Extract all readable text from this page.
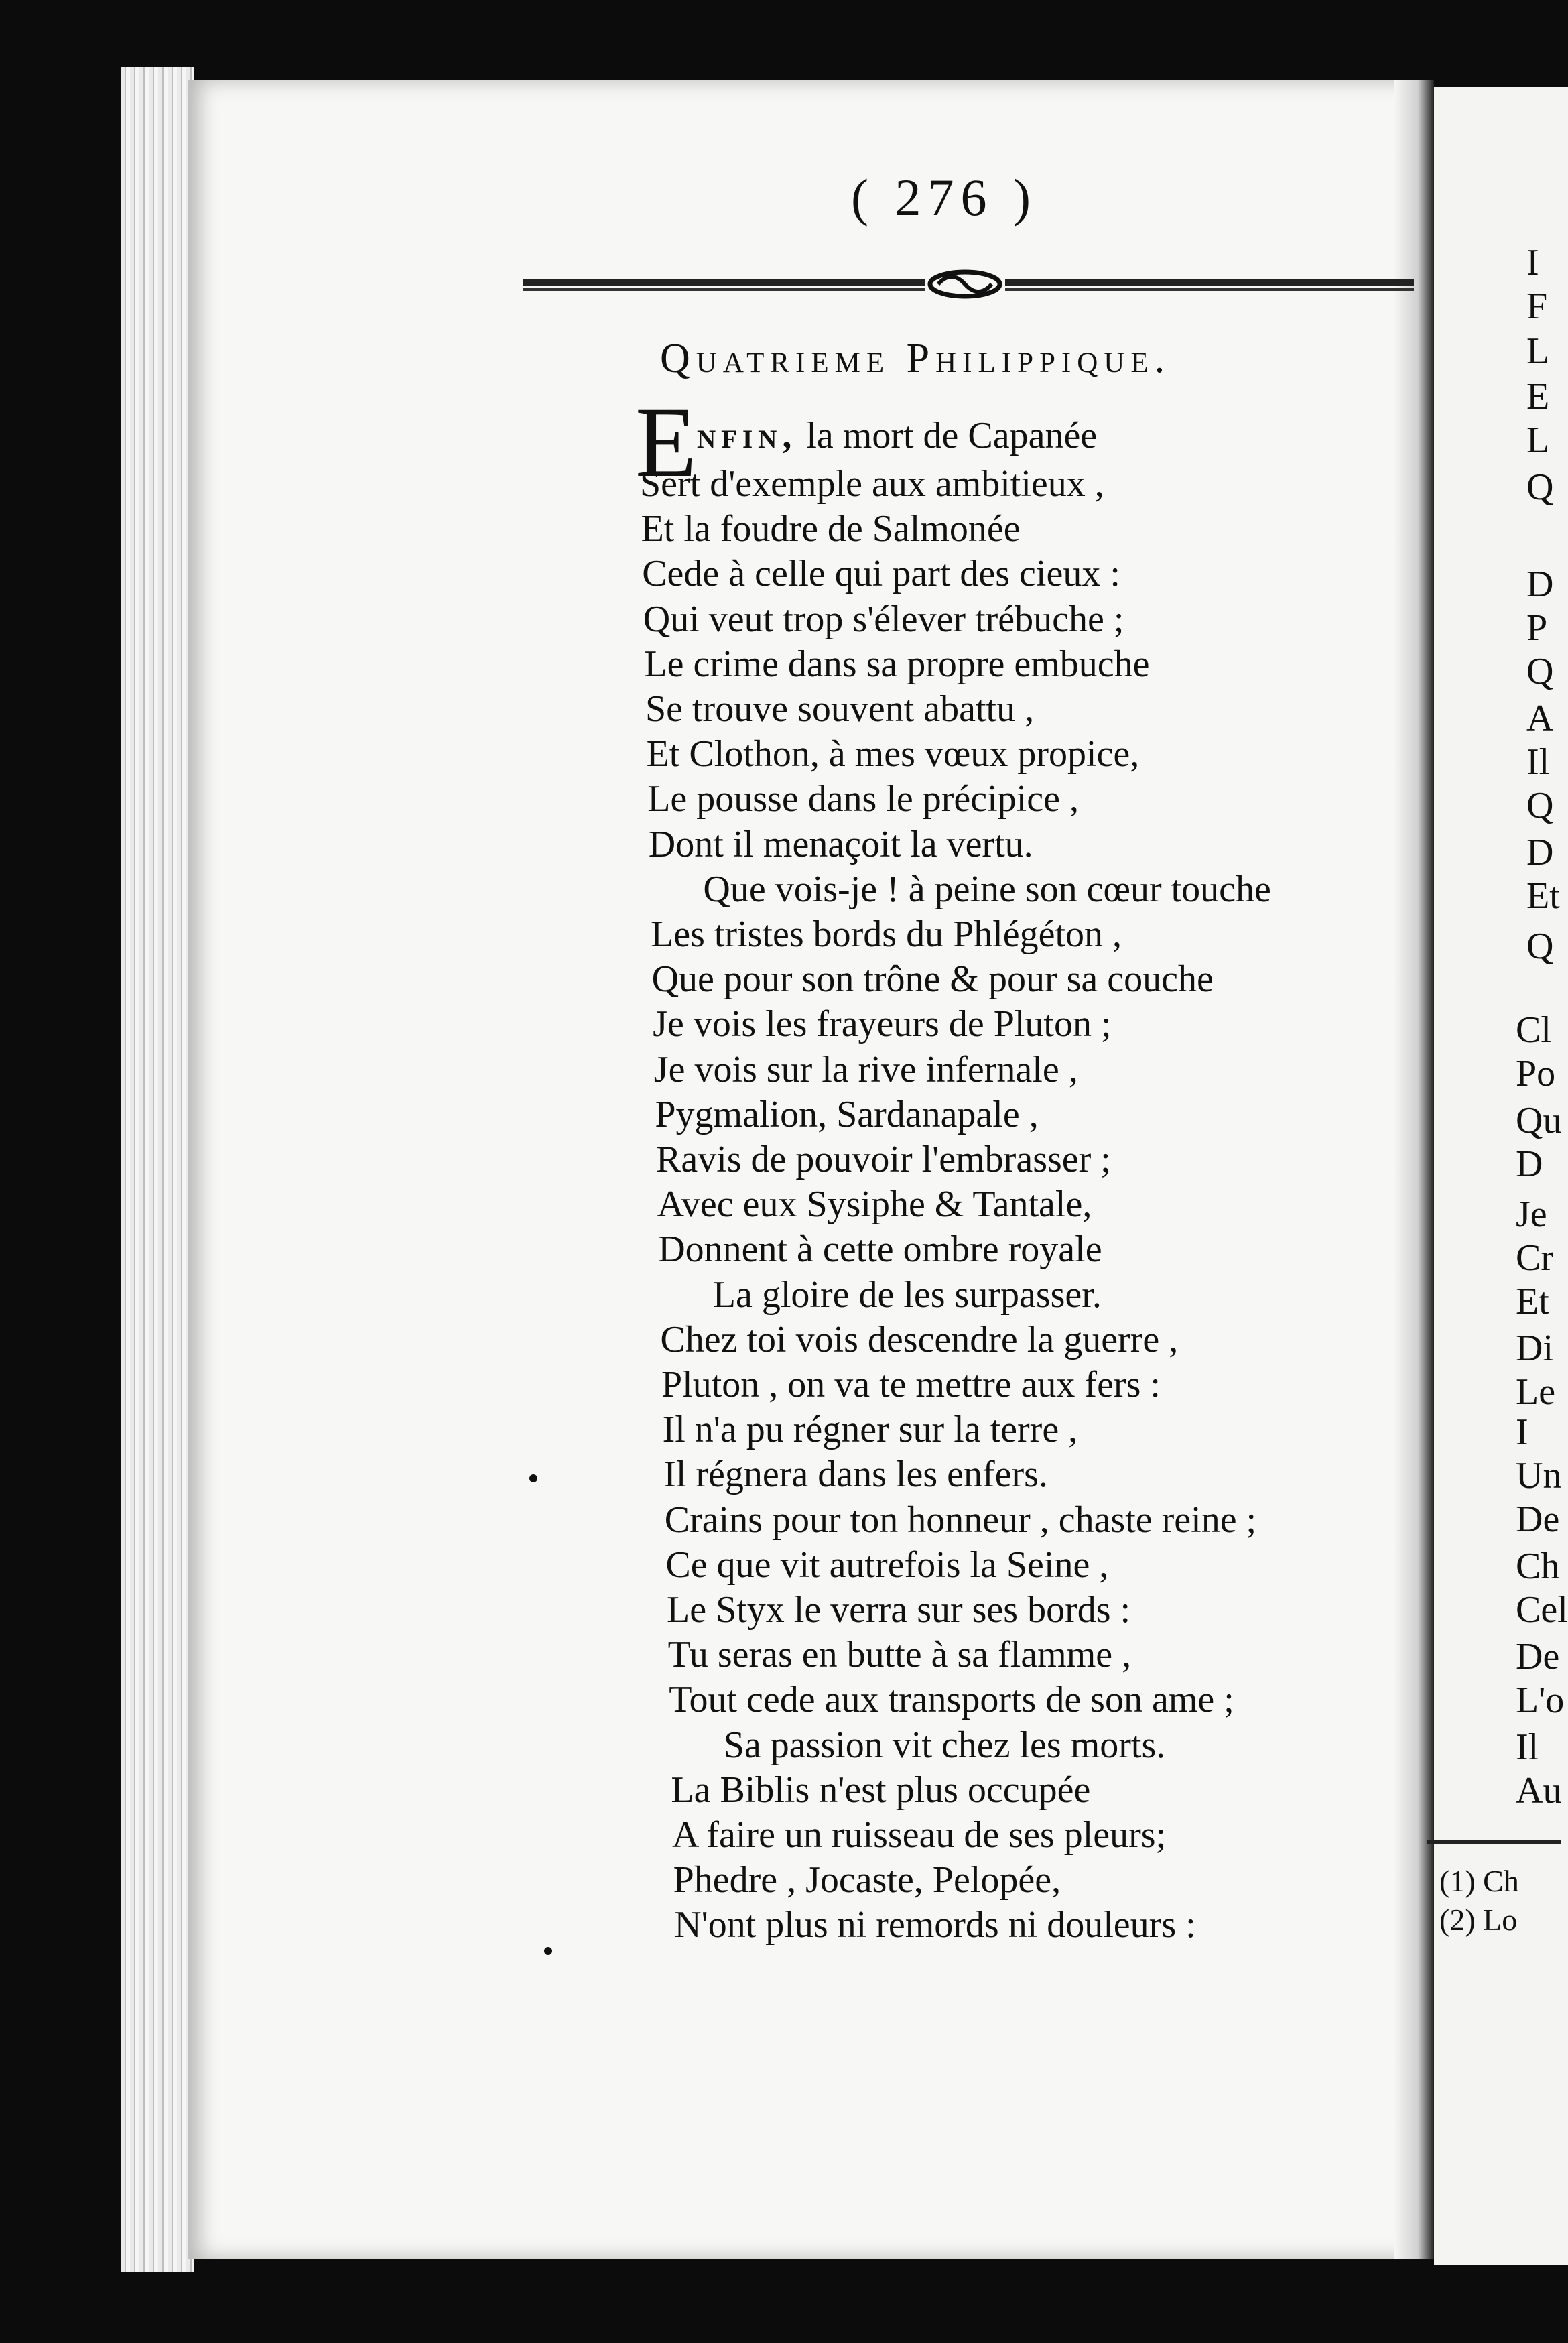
( 276 )
Quatrieme Philippique.
E nfin, la mort de Capanée
Sert d'exemple aux ambitieux ,
Et la foudre de Salmonée
Cede à celle qui part des cieux :
Qui veut trop s'élever trébuche ;
Le crime dans sa propre embuche
Se trouve souvent abattu ,
Et Clothon, à mes vœux propice,
Le pousse dans le précipice ,
Dont il menaçoit la vertu.
Que vois-je ! à peine son cœur touche
Les tristes bords du Phlégéton ,
Que pour son trône & pour sa couche
Je vois les frayeurs de Pluton ;
Je vois sur la rive infernale ,
Pygmalion, Sardanapale ,
Ravis de pouvoir l'embrasser ;
Avec eux Sysiphe & Tantale,
Donnent à cette ombre royale
La gloire de les surpasser.
Chez toi vois descendre la guerre ,
Pluton , on va te mettre aux fers :
Il n'a pu régner sur la terre ,
Il régnera dans les enfers.
Crains pour ton honneur , chaste reine ;
Ce que vit autrefois la Seine ,
Le Styx le verra sur ses bords :
Tu seras en butte à sa flamme ,
Tout cede aux transports de son ame ;
Sa passion vit chez les morts.
La Biblis n'est plus occupée
A faire un ruisseau de ses pleurs;
Phedre , Jocaste, Pelopée,
N'ont plus ni remords ni douleurs :
I
F
L
E
L
Q
D
P
Q
A
Il
Q
D
Et
Q
Cl
Po
Qu
D
Je
Cr
Et
Di
Le
I
Un
De
Ch
Cel
De
L'o
Il
Au
(1) Ch
(2) Lo
